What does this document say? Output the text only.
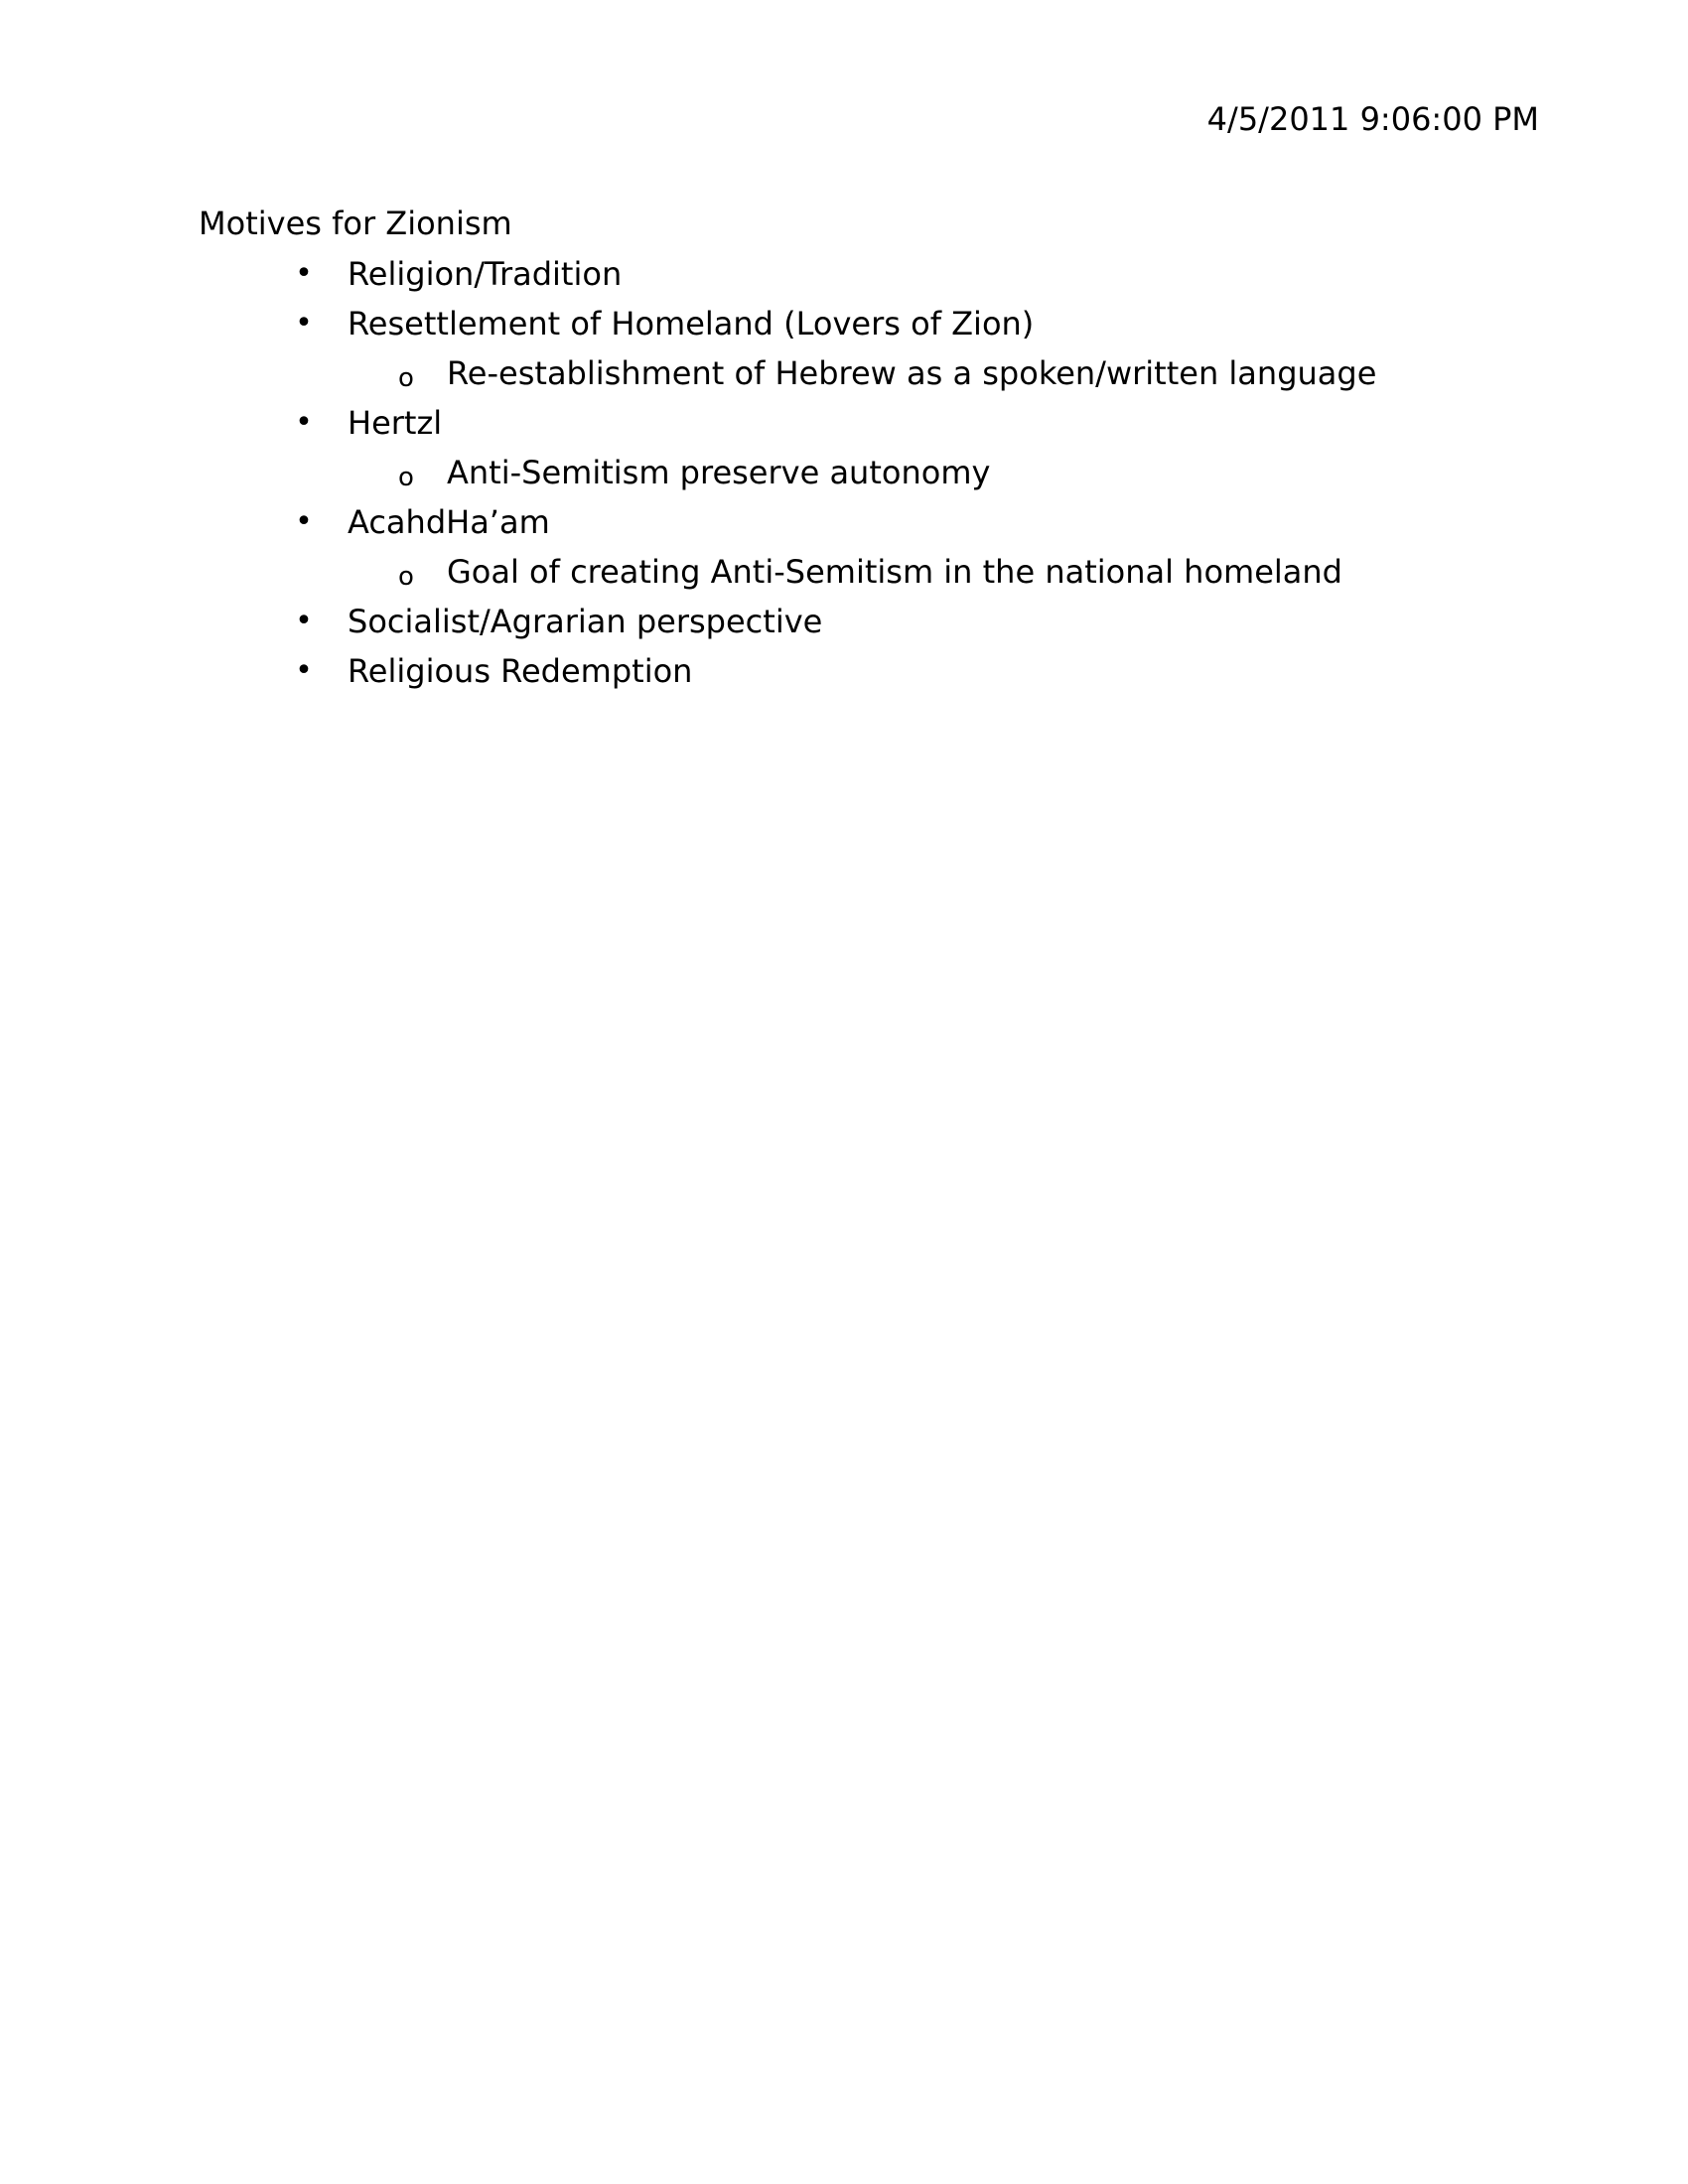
4/5/2011 9:06:00 PM
Motives for Zionism
• Religion/Tradition
• Resettlement of Homeland (Lovers of Zion)
o Re-establishment of Hebrew as a spoken/written language
• Hertzl
o Anti-Semitism preserve autonomy
• AcahdHa’am
o Goal of creating Anti-Semitism in the national homeland
• Socialist/Agrarian perspective
• Religious Redemption
